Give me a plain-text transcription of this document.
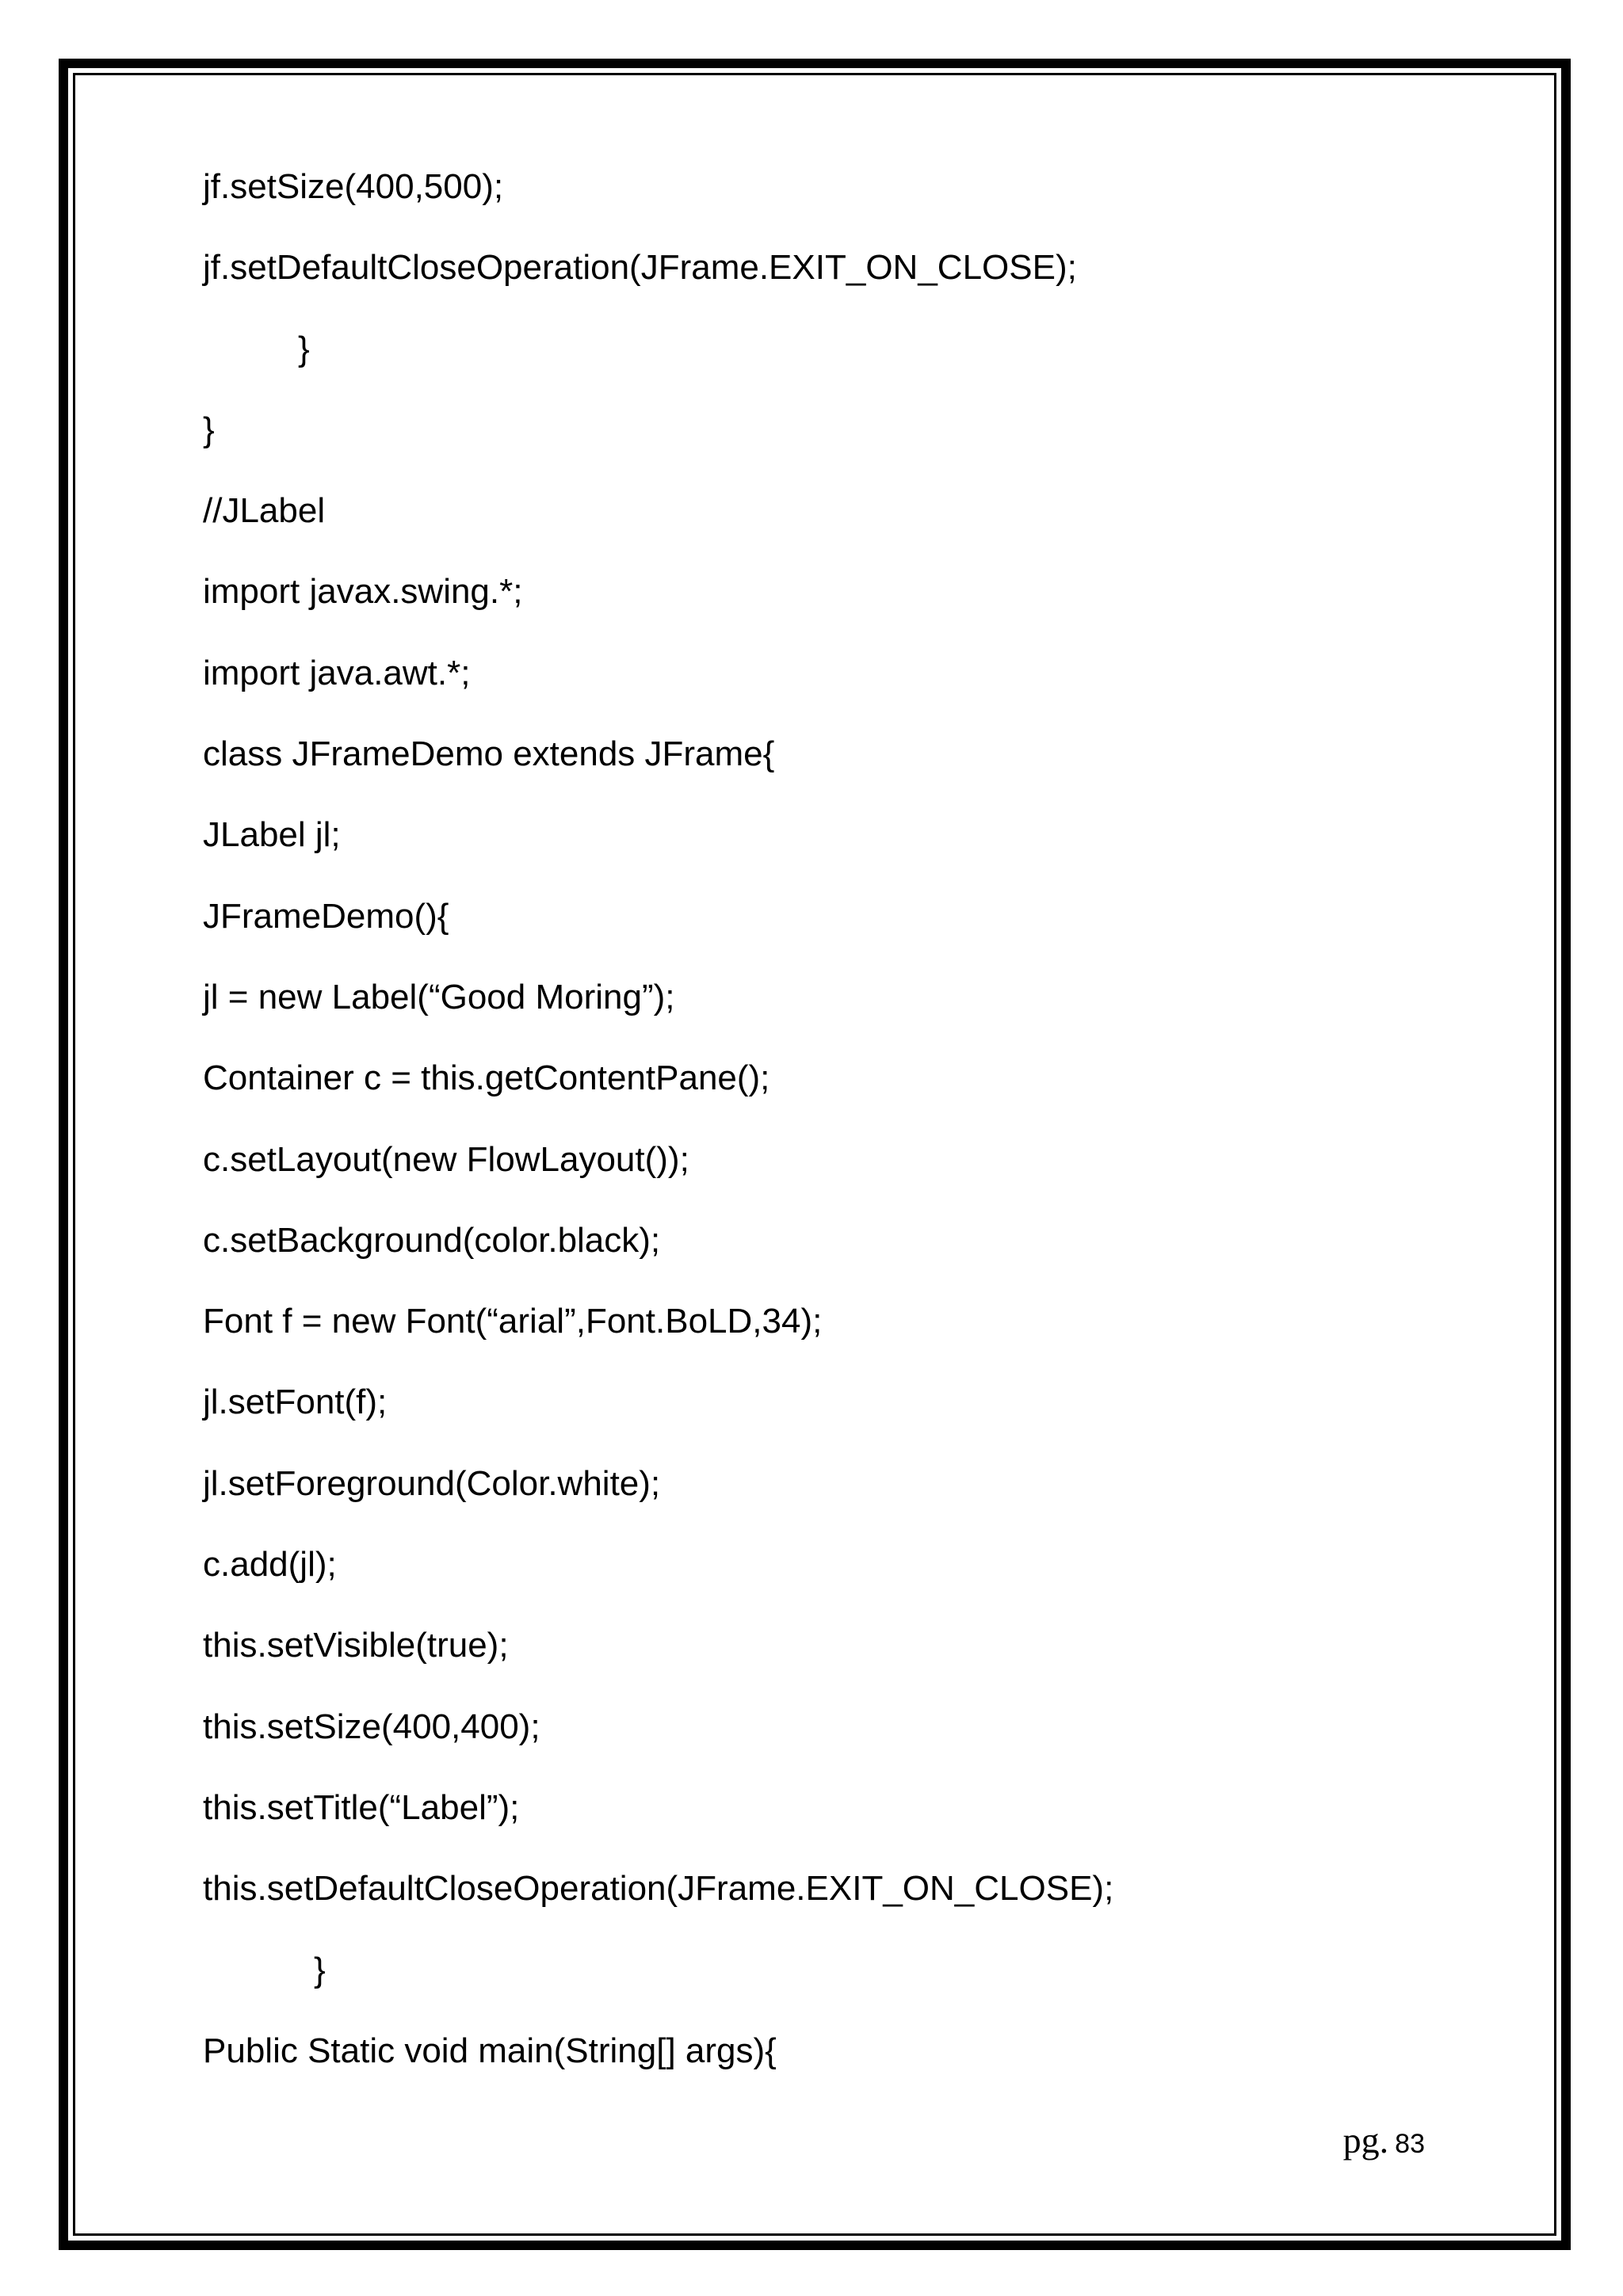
jf.setSize(400,500);
jf.setDefaultCloseOperation(JFrame.EXIT_ON_CLOSE);
}
}
//JLabel
import javax.swing.*;
import java.awt.*;
class JFrameDemo extends JFrame{
JLabel jl;
JFrameDemo(){
jl = new Label(“Good Moring”);
Container c = this.getContentPane();
c.setLayout(new FlowLayout());
c.setBackground(color.black);
Font f = new Font(“arial”,Font.BoLD,34);
jl.setFont(f);
jl.setForeground(Color.white);
c.add(jl);
this.setVisible(true);
this.setSize(400,400);
this.setTitle(“Label”);
this.setDefaultCloseOperation(JFrame.EXIT_ON_CLOSE);
}
Public Static void main(String[] args){
pg. 83
